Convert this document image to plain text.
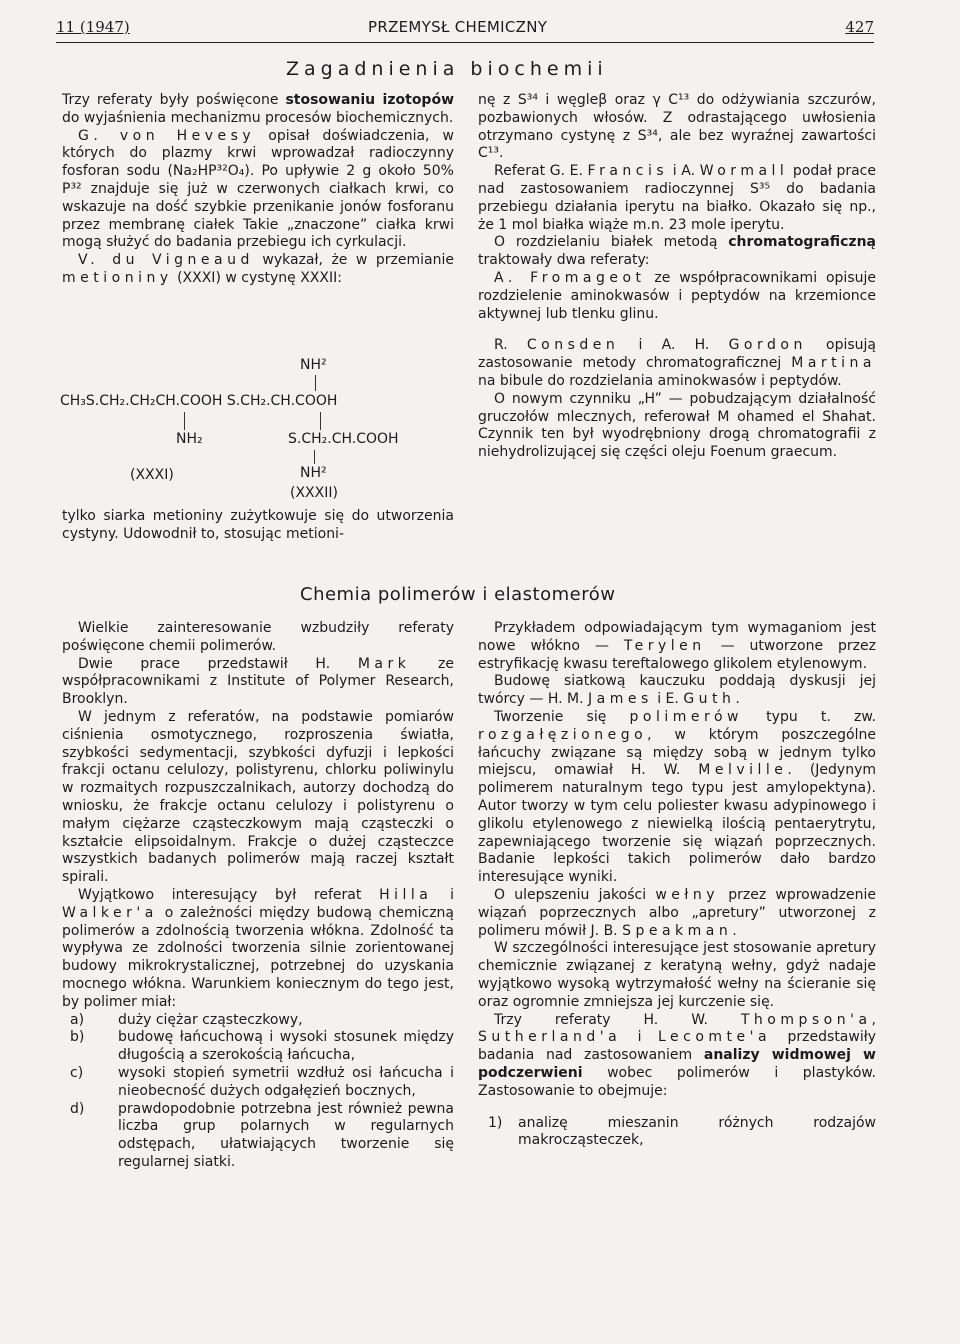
11 (1947)	PRZEMYSŁ CHEMICZNY	427
Zagadnienia biochemii

Trzy referaty były poświęcone stosowaniu izotopów do wyjaśnienia mechanizmu procesów biochemicznych.

G. von Hevesy opisał doświadczenia, w których do plazmy krwi wprowadzał radioczynny fosforan sodu (Na₂HP³²O₄). Po upływie 2 g około 50% P³² znajduje się już w czerwonych ciałkach krwi, co wskazuje na dość szybkie przenikanie jonów fosforanu przez membranę ciałek Takie „znaczone” ciałka krwi mogą służyć do badania przebiegu ich cyrkulacji.

V. du Vigneaud wykazał, że w przemianie metioniny (XXXI) w cystynę XXXII:

NH²
CH₃S.CH₂.CH₂CH.COOH S.CH₂.CH.COOH
NH₂	S.CH₂.CH.COOH
(XXXI)	NH²
(XXXII)

tylko siarka metioniny zużytkowuje się do utworzenia cystyny. Udowodnił to, stosując metioni-

nę z S³⁴ i węgleβ oraz γ C¹³ do odżywiania szczurów, pozbawionych włosów. Z odrastającego uwłosienia otrzymano cystynę z S³⁴, ale bez wyraźnej zawartości C¹³.

Referat G. E. Francis i A. Wormall podał prace nad zastosowaniem radioczynnej S³⁵ do badania przebiegu działania iperytu na białko. Okazało się np., że 1 mol białka wiąże m.n. 23 mole iperytu.

O rozdzielaniu białek metodą chromatograficzną traktowały dwa referaty:

A. Fromageot ze współpracownikami opisuje rozdzielenie aminokwasów i peptydów na krzemionce aktywnej lub tlenku glinu.

R. Consden i A. H. Gordon opisują zastosowanie metody chromatograficznej Martina na bibule do rozdzielania aminokwasów i peptydów.

O nowym czynniku „H” — pobudzającym działalność gruczołów mlecznych, referował M ohamed el Shahat. Czynnik ten był wyodrębniony drogą chromatografii z niehydrolizującej się części oleju Foenum graecum.

Chemia polimerów i elastomerów

Wielkie zainteresowanie wzbudziły referaty poświęcone chemii polimerów.

Dwie prace przedstawił H. Mark ze współpracownikami z Institute of Polymer Research, Brooklyn.

W jednym z referatów, na podstawie pomiarów ciśnienia osmotycznego, rozproszenia światła, szybkości sedymentacji, szybkości dyfuzji i lepkości frakcji octanu celulozy, polistyrenu, chlorku poliwinylu w rozmaitych rozpuszczalnikach, autorzy dochodzą do wniosku, że frakcje octanu celulozy i polistyrenu o małym ciężarze cząsteczkowym mają cząsteczki o kształcie elipsoidalnym. Frakcje o dużej cząsteczce wszystkich badanych polimerów mają raczej kształt spirali.

Wyjątkowo interesujący był referat Hilla i Walker'a o zależności między budową chemiczną polimerów a zdolnością tworzenia włókna. Zdolność ta wypływa ze zdolności tworzenia silnie zorientowanej budowy mikrokrystalicznej, potrzebnej do uzyskania mocnego włókna. Warunkiem koniecznym do tego jest, by polimer miał:

a) duży ciężar cząsteczkowy,
b) budowę łańcuchową i wysoki stosunek między długością a szerokością łańcucha,
c) wysoki stopień symetrii wzdłuż osi łańcucha i nieobecność dużych odgałęzień bocznych,
d) prawdopodobnie potrzebna jest również pewna liczba grup polarnych w regularnych odstępach, ułatwiających tworzenie się regularnej siatki.

Przykładem odpowiadającym tym wymaganiom jest nowe włókno — Terylen — utworzone przez estryfikację kwasu tereftalowego glikolem etylenowym.

Budowę siatkową kauczuku poddają dyskusji jej twórcy — H. M. James i E. Guth.

Tworzenie się polimerów typu t. zw. rozgałęzionego, w którym poszczególne łańcuchy związane są między sobą w jednym tylko miejscu, omawiał H. W. Melville. (Jedynym polimerem naturalnym tego typu jest amylopektyna). Autor tworzy w tym celu poliester kwasu adypinowego i glikolu etylenowego z niewielką ilością pentaerytrytu, zapewniającego tworzenie się wiązań poprzecznych. Badanie lepkości takich polimerów dało bardzo interesujące wyniki.

O ulepszeniu jakości wełny przez wprowadzenie wiązań poprzecznych albo „apretury” utworzonej z polimeru mówił J. B. Speakman.

W szczególności interesujące jest stosowanie apretury chemicznie związanej z keratyną wełny, gdyż nadaje wyjątkowo wysoką wytrzymałość wełny na ścieranie się oraz ogromnie zmniejsza jej kurczenie się.

Trzy referaty H. W. Thompson'a, Sutherland'a i Lecomte'a przedstawiły badania nad zastosowaniem analizy widmowej w podczerwieni wobec polimerów i plastyków. Zastosowanie to obejmuje:

1) analizę mieszanin różnych rodzajów makrocząsteczek,
